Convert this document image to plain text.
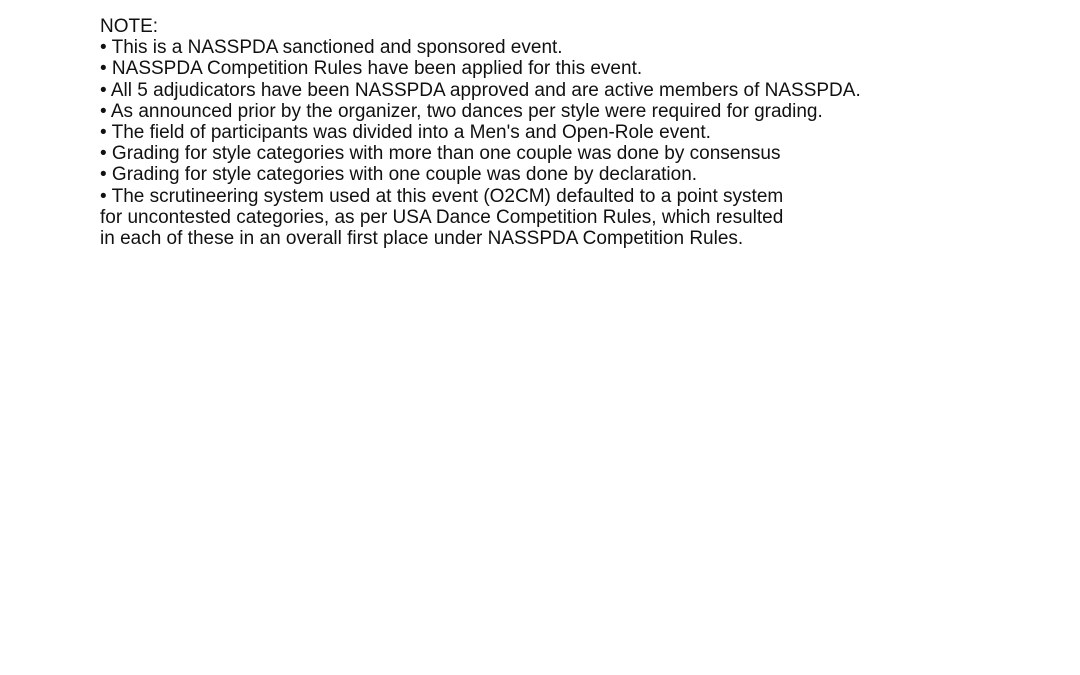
NOTE:
• This is a NASSPDA sanctioned and sponsored event.
• NASSPDA Competition Rules have been applied for this event.
• All 5 adjudicators have been NASSPDA approved and are active members of NASSPDA.
• As announced prior by the organizer, two dances per style were required for grading.
• The field of participants was divided into a Men's and Open-Role event.
• Grading for style categories with more than one couple was done by consensus
• Grading for style categories with one couple was done by declaration.
• The scrutineering system used at this event (O2CM) defaulted to a point system
for uncontested categories, as per USA Dance Competition Rules, which resulted
in each of these in an overall first place under NASSPDA Competition Rules.
